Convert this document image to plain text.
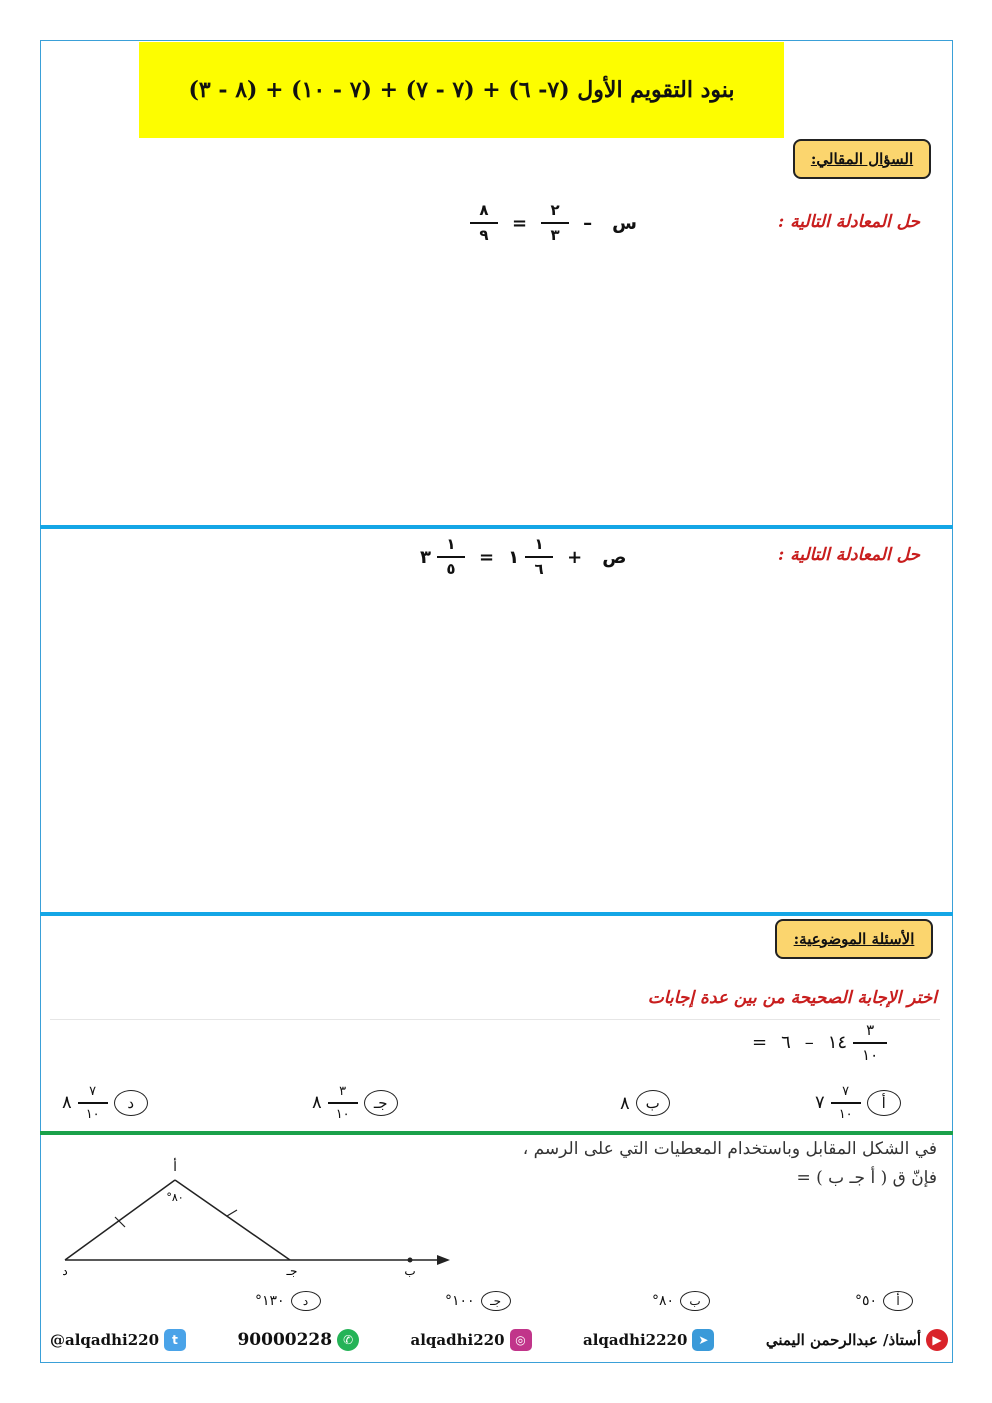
بنود التقويم الأول (٧- ٦) + (٧ - ٧) + (٧ - ١٠) + (٨ - ٣)
السؤال المقالي:
حل المعادلة التالية :
$\frac{٨}{٩} = \frac{٢}{٣}$ – س
حل المعادلة التالية :
٣ $\frac{١}{٥}$ = ١ $\frac{١}{٦}$ + ص
الأسئلة الموضوعية:
اختر الإجابة الصحيحة من بين عدة إجابات
= ٦ – ١٤ $\frac{٣}{١٠}$
٧ $\frac{٧}{١٠}$	أ
٨	ب
٨ $\frac{٣}{١٠}$	جـ
٨ $\frac{٧}{١٠}$	د
في الشكل المقابل وباستخدام المعطيات التي على الرسم ،
فإنّ ق ( أ جـ ب ) =
أ
°٨٠
د	جـ	ب
°٥٠	أ
°٨٠	ب
°١٠٠	جـ
°١٣٠	د
@alqadhi220	t	90000228 ✆	alqadhi220 ◎	alqadhi2220 ➤	▶
أستاذ/ عبدالرحمن اليمني
